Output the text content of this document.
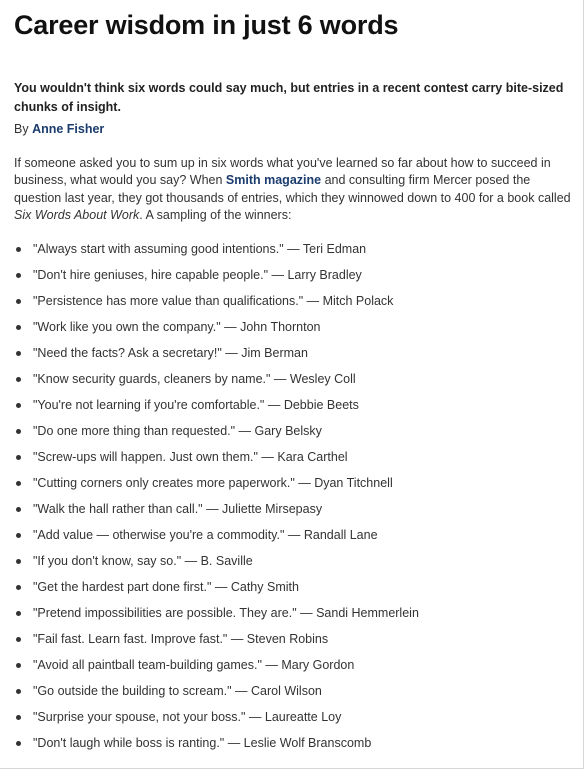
Career wisdom in just 6 words

You wouldn't think six words could say much, but entries in a recent contest carry bite-sized chunks of insight.

By Anne Fisher

If someone asked you to sum up in six words what you've learned so far about how to succeed in business, what would you say? When Smith magazine and consulting firm Mercer posed the question last year, they got thousands of entries, which they winnowed down to 400 for a book called Six Words About Work. A sampling of the winners:

"Always start with assuming good intentions." — Teri Edman
"Don't hire geniuses, hire capable people." — Larry Bradley
"Persistence has more value than qualifications." — Mitch Polack
"Work like you own the company." — John Thornton
"Need the facts? Ask a secretary!" — Jim Berman
"Know security guards, cleaners by name." — Wesley Coll
"You're not learning if you're comfortable." — Debbie Beets
"Do one more thing than requested." — Gary Belsky
"Screw-ups will happen. Just own them." — Kara Carthel
"Cutting corners only creates more paperwork." — Dyan Titchnell
"Walk the hall rather than call." — Juliette Mirsepasy
"Add value — otherwise you're a commodity." — Randall Lane
"If you don't know, say so." — B. Saville
"Get the hardest part done first." — Cathy Smith
"Pretend impossibilities are possible. They are." — Sandi Hemmerlein
"Fail fast. Learn fast. Improve fast." — Steven Robins
"Avoid all paintball team-building games." — Mary Gordon
"Go outside the building to scream." — Carol Wilson
"Surprise your spouse, not your boss." — Laureatte Loy
"Don't laugh while boss is ranting." — Leslie Wolf Branscomb
